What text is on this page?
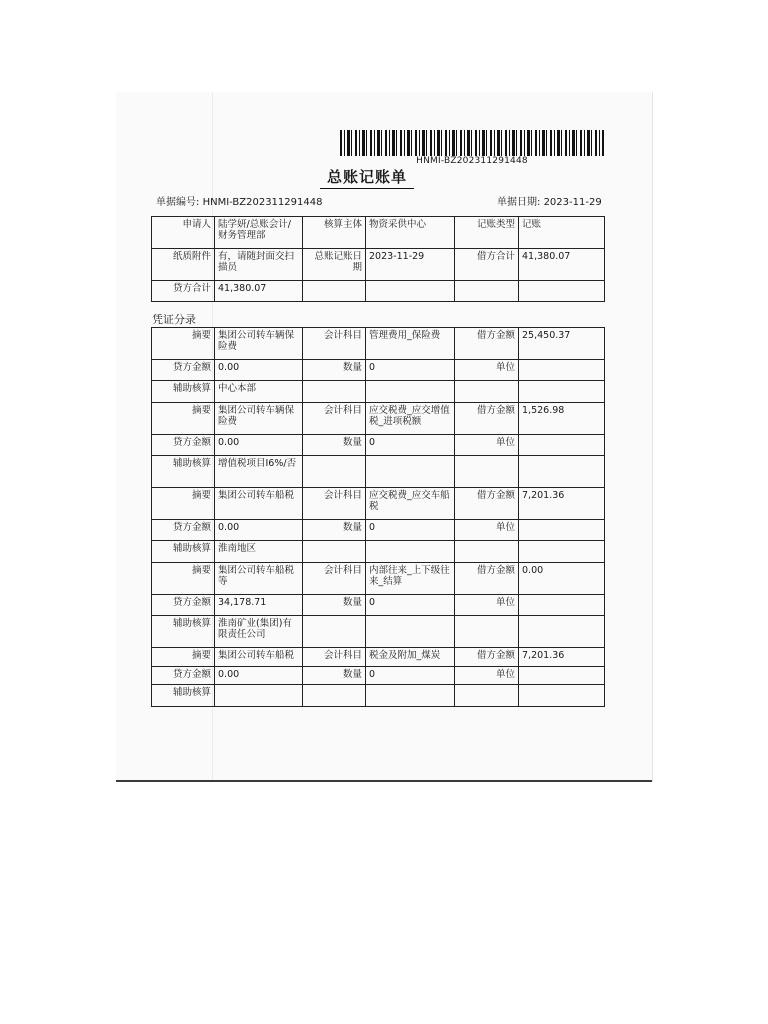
HNMI-BZ202311291448
总账记账单
单据编号: HNMI-BZ202311291448	单据日期: 2023-11-29
申请人	陆学妍/总账会计/财务管理部	核算主体	物资采供中心	记账类型	记账
纸质附件	有，请随封面交扫描员	总账记账日期	2023-11-29	借方合计	41,380.07
贷方合计	41,380.07				
凭证分录
摘要	集团公司转车辆保险费	会计科目	管理费用_保险费	借方金额	25,450.37
贷方金额	0.00	数量	0	单位	
辅助核算	中心本部				
摘要	集团公司转车辆保险费	会计科目	应交税费_应交增值税_进项税额	借方金额	1,526.98
贷方金额	0.00	数量	0	单位	
辅助核算	增值税项目I6%/否				
摘要	集团公司转车船税	会计科目	应交税费_应交车船税	借方金额	7,201.36
贷方金额	0.00	数量	0	单位	
辅助核算	淮南地区				
摘要	集团公司转车船税等	会计科目	内部往来_上下级往来_结算	借方金额	0.00
贷方金额	34,178.71	数量	0	单位	
辅助核算	淮南矿业(集团)有限责任公司				
摘要	集团公司转车船税	会计科目	税金及附加_煤炭	借方金额	7,201.36
贷方金额	0.00	数量	0	单位	
辅助核算					
